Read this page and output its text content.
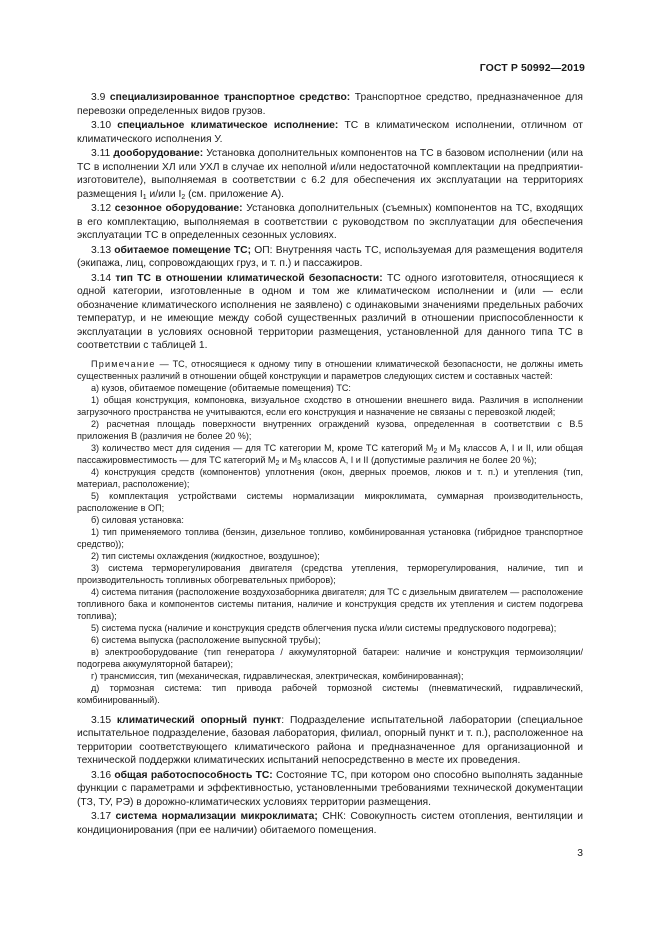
ГОСТ Р 50992—2019

3.9 специализированное транспортное средство: Транспортное средство, предназначенное для перевозки определенных видов грузов.

3.10 специальное климатическое исполнение: ТС в климатическом исполнении, отличном от климатического исполнения У.

3.11 дооборудование: Установка дополнительных компонентов на ТС в базовом исполнении (или на ТС в исполнении ХЛ или УХЛ в случае их неполной и/или недостаточной комплектации на предприятии-изготовителе), выполняемая в соответствии с 6.2 для обеспечения их эксплуатации на территориях размещения $I_1$ и/или $I_2$ (см. приложение А).

3.12 сезонное оборудование: Установка дополнительных (съемных) компонентов на ТС, входящих в его комплектацию, выполняемая в соответствии с руководством по эксплуатации для обеспечения эксплуатации ТС в определенных сезонных условиях.

3.13 обитаемое помещение ТС; ОП: Внутренняя часть ТС, используемая для размещения водителя (экипажа, лиц, сопровождающих груз, и т. п.) и пассажиров.

3.14 тип ТС в отношении климатической безопасности: ТС одного изготовителя, относящиеся к одной категории, изготовленные в одном и том же климатическом исполнении и (или — если обозначение климатического исполнения не заявлено) с одинаковыми значениями предельных рабочих температур, и не имеющие между собой существенных различий в отношении приспособленности к эксплуатации в условиях основной территории размещения, установленной для данного типа ТС в соответствии с таблицей 1.

Примечание — ТС, относящиеся к одному типу в отношении климатической безопасности, не должны иметь существенных различий в отношении общей конструкции и параметров следующих систем и составных частей:

а) кузов, обитаемое помещение (обитаемые помещения) ТС:

1) общая конструкция, компоновка, визуальное сходство в отношении внешнего вида. Различия в исполнении загрузочного пространства не учитываются, если его конструкция и назначение не связаны с перевозкой людей;

2) расчетная площадь поверхности внутренних ограждений кузова, определенная в соответствии с В.5 приложения В (различия не более 20 %);

3) количество мест для сидения — для ТС категории М, кроме ТС категорий $М_2$ и $М_3$ классов А, I и II, или общая пассажировместимость — для ТС категорий $М_2$ и $М_3$ классов А, I и II (допустимые различия не более 20 %);

4) конструкция средств (компонентов) уплотнения (окон, дверных проемов, люков и т. п.) и утепления (тип, материал, расположение);

5) комплектация устройствами системы нормализации микроклимата, суммарная производительность, расположение в ОП;

б) силовая установка:

1) тип применяемого топлива (бензин, дизельное топливо, комбинированная установка (гибридное транспортное средство));

2) тип системы охлаждения (жидкостное, воздушное);

3) система терморегулирования двигателя (средства утепления, терморегулирования, наличие, тип и производительность топливных обогревательных приборов);

4) система питания (расположение воздухозаборника двигателя; для ТС с дизельным двигателем — расположение топливного бака и компонентов системы питания, наличие и конструкция средств их утепления и систем подогрева топлива);

5) система пуска (наличие и конструкция средств облегчения пуска и/или системы предпускового подогрева);

6) система выпуска (расположение выпускной трубы);

в) электрооборудование (тип генератора / аккумуляторной батареи: наличие и конструкция термоизоляции/подогрева аккумуляторной батареи);

г) трансмиссия, тип (механическая, гидравлическая, электрическая, комбинированная);

д) тормозная система: тип привода рабочей тормозной системы (пневматический, гидравлический, комбинированный).

3.15 климатический опорный пункт: Подразделение испытательной лаборатории (специальное испытательное подразделение, базовая лаборатория, филиал, опорный пункт и т. п.), расположенное на территории соответствующего климатического района и предназначенное для организационной и технической поддержки климатических испытаний непосредственно в месте их проведения.

3.16 общая работоспособность ТС: Состояние ТС, при котором оно способно выполнять заданные функции с параметрами и эффективностью, установленными требованиями технической документации (ТЗ, ТУ, РЭ) в дорожно-климатических условиях территории размещения.

3.17 система нормализации микроклимата; СНК: Совокупность систем отопления, вентиляции и кондиционирования (при ее наличии) обитаемого помещения.

3
